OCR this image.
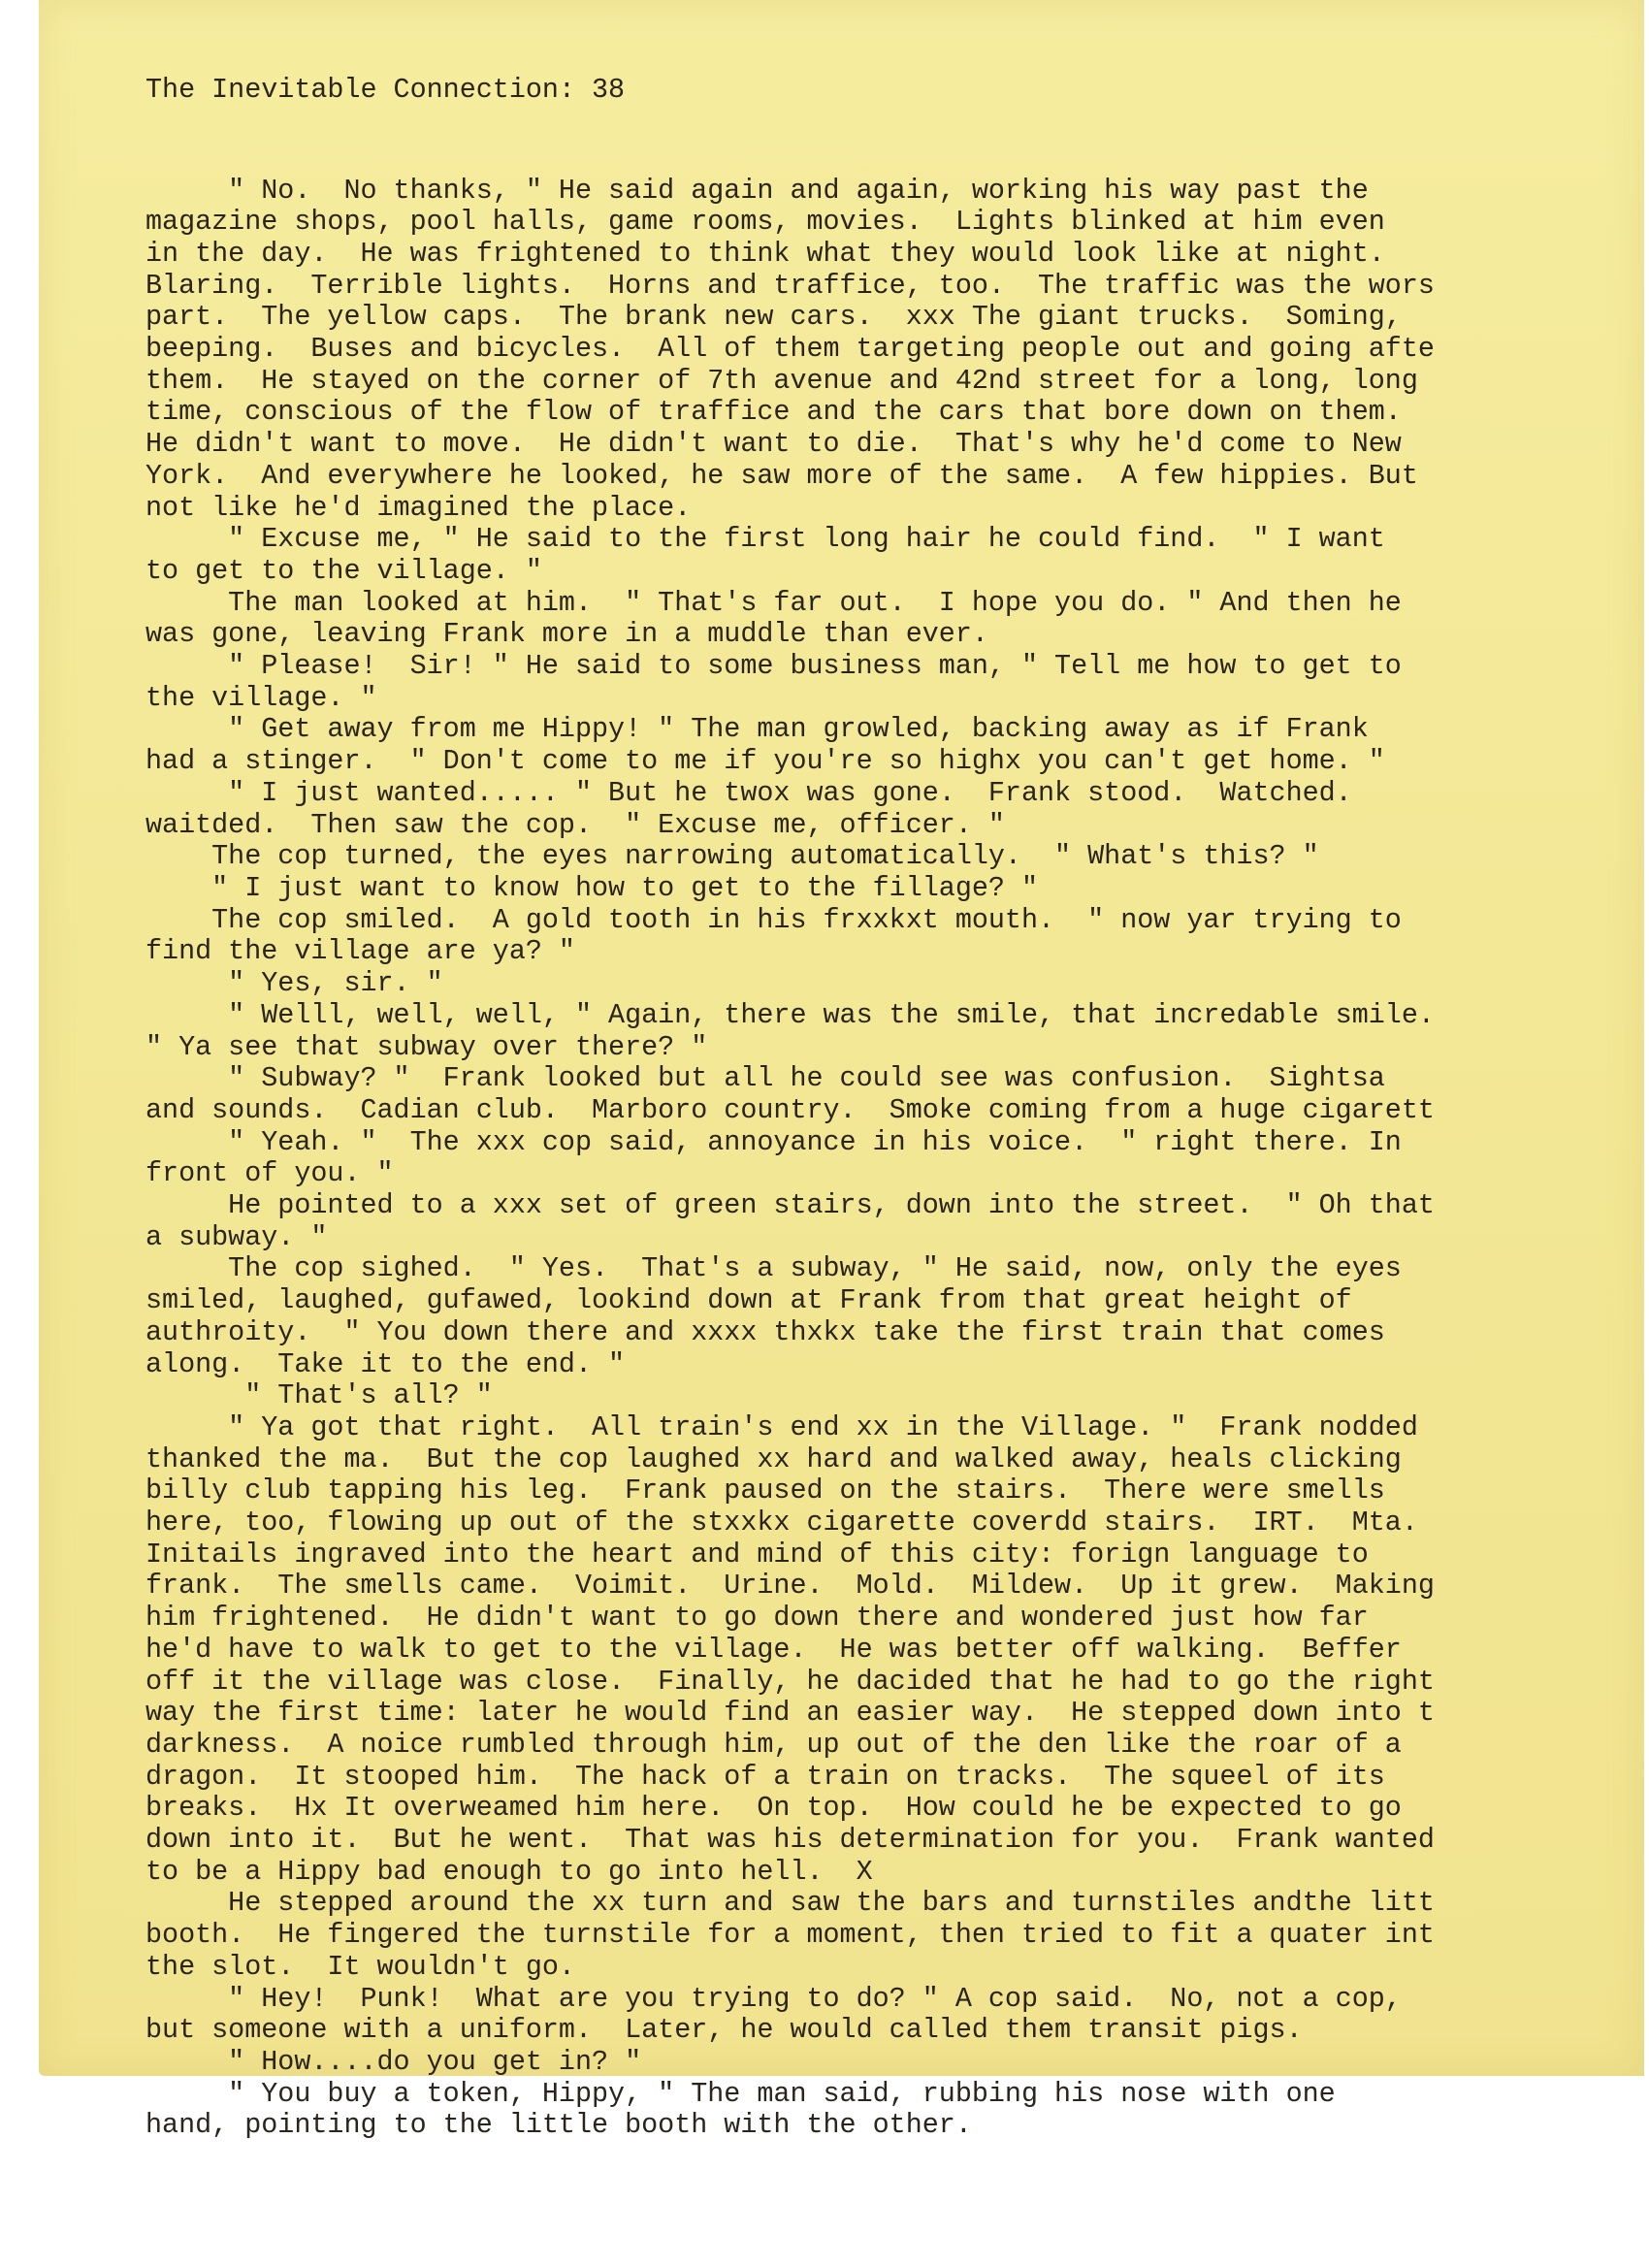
The Inevitable Connection: 38

" No.  No thanks, " He said again and again, working his way past the
magazine shops, pool halls, game rooms, movies.  Lights blinked at him even
in the day.  He was frightened to think what they would look like at night.
Blaring.  Terrible lights.  Horns and traffice, too.  The traffic was the wors
part.  The yellow caps.  The brank new cars.  xxx The giant trucks.  Soming,
beeping.  Buses and bicycles.  All of them targeting people out and going afte
them.  He stayed on the corner of 7th avenue and 42nd street for a long, long
time, conscious of the flow of traffice and the cars that bore down on them.
He didn't want to move.  He didn't want to die.  That's why he'd come to New
York.  And everywhere he looked, he saw more of the same.  A few hippies. But
not like he'd imagined the place.
" Excuse me, " He said to the first long hair he could find.  " I want
to get to the village. "
The man looked at him.  " That's far out.  I hope you do. " And then he
was gone, leaving Frank more in a muddle than ever.
" Please!  Sir! " He said to some business man, " Tell me how to get to
the village. "
" Get away from me Hippy! " The man growled, backing away as if Frank
had a stinger.  " Don't come to me if you're so highx you can't get home. "
" I just wanted..... " But he twox was gone.  Frank stood.  Watched.
waitded.  Then saw the cop.  " Excuse me, officer. "
The cop turned, the eyes narrowing automatically.  " What's this? "
" I just want to know how to get to the fillage? "
The cop smiled.  A gold tooth in his frxxkxt mouth.  " now yar trying to
find the village are ya? "
" Yes, sir. "
" Welll, well, well, " Again, there was the smile, that incredable smile.
" Ya see that subway over there? "
" Subway? "  Frank looked but all he could see was confusion.  Sightsa
and sounds.  Cadian club.  Marboro country.  Smoke coming from a huge cigarett
" Yeah. "  The xxx cop said, annoyance in his voice.  " right there. In
front of you. "
He pointed to a xxx set of green stairs, down into the street.  " Oh that
a subway. "
The cop sighed.  " Yes.  That's a subway, " He said, now, only the eyes
smiled, laughed, gufawed, lookind down at Frank from that great height of
authroity.  " You down there and xxxx thxkx take the first train that comes
along.  Take it to the end. "
" That's all? "
" Ya got that right.  All train's end xx in the Village. "  Frank nodded
thanked the ma.  But the cop laughed xx hard and walked away, heals clicking
billy club tapping his leg.  Frank paused on the stairs.  There were smells
here, too, flowing up out of the stxxkx cigarette coverdd stairs.  IRT.  Mta.
Initails ingraved into the heart and mind of this city: forign language to
frank.  The smells came.  Voimit.  Urine.  Mold.  Mildew.  Up it grew.  Making
him frightened.  He didn't want to go down there and wondered just how far
he'd have to walk to get to the village.  He was better off walking.  Beffer
off it the village was close.  Finally, he dacided that he had to go the right
way the first time: later he would find an easier way.  He stepped down into t
darkness.  A noice rumbled through him, up out of the den like the roar of a
dragon.  It stooped him.  The hack of a train on tracks.  The squeel of its
breaks.  Hx It overweamed him here.  On top.  How could he be expected to go
down into it.  But he went.  That was his determination for you.  Frank wanted
to be a Hippy bad enough to go into hell.  X
He stepped around the xx turn and saw the bars and turnstiles andthe litt
booth.  He fingered the turnstile for a moment, then tried to fit a quater int
the slot.  It wouldn't go.
" Hey!  Punk!  What are you trying to do? " A cop said.  No, not a cop,
but someone with a uniform.  Later, he would called them transit pigs.
" How....do you get in? "
" You buy a token, Hippy, " The man said, rubbing his nose with one
hand, pointing to the little booth with the other.
